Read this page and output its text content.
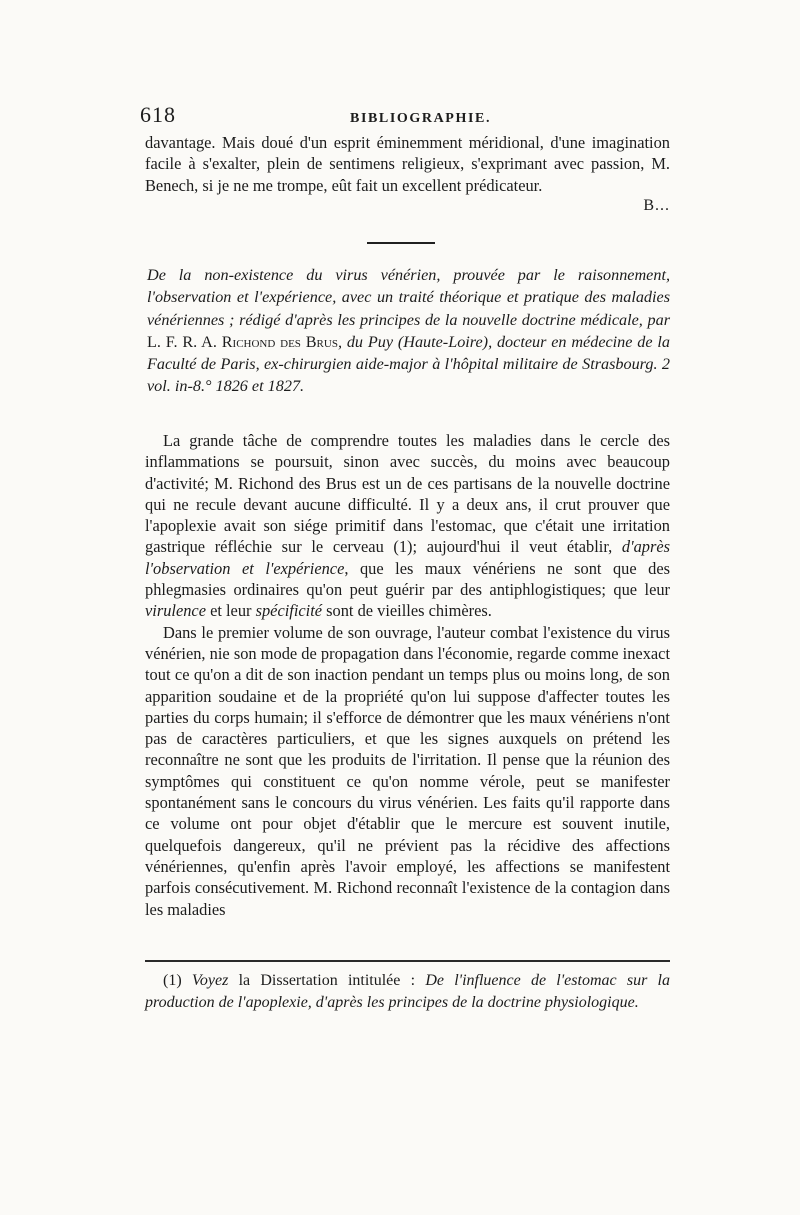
618	BIBLIOGRAPHIE.
davantage. Mais doué d'un esprit éminemment méridional, d'une imagination facile à s'exalter, plein de sentimens religieux, s'exprimant avec passion, M. Benech, si je ne me trompe, eût fait un excellent prédicateur.
B...
De la non-existence du virus vénérien, prouvée par le raisonnement, l'observation et l'expérience, avec un traité théorique et pratique des maladies vénériennes ; rédigé d'après les principes de la nouvelle doctrine médicale, par L. F. R. A. Richond des Brus, du Puy (Haute-Loire), docteur en médecine de la Faculté de Paris, ex-chirurgien aide-major à l'hôpital militaire de Strasbourg. 2 vol. in-8.° 1826 et 1827.

La grande tâche de comprendre toutes les maladies dans le cercle des inflammations se poursuit, sinon avec succès, du moins avec beaucoup d'activité; M. Richond des Brus est un de ces partisans de la nouvelle doctrine qui ne recule devant aucune difficulté. Il y a deux ans, il crut prouver que l'apoplexie avait son siége primitif dans l'estomac, que c'était une irritation gastrique réfléchie sur le cerveau (1); aujourd'hui il veut établir, d'après l'observation et l'expérience, que les maux vénériens ne sont que des phlegmasies ordinaires qu'on peut guérir par des antiphlogistiques; que leur virulence et leur spécificité sont de vieilles chimères.

Dans le premier volume de son ouvrage, l'auteur combat l'existence du virus vénérien, nie son mode de propagation dans l'économie, regarde comme inexact tout ce qu'on a dit de son inaction pendant un temps plus ou moins long, de son apparition soudaine et de la propriété qu'on lui suppose d'affecter toutes les parties du corps humain; il s'efforce de démontrer que les maux vénériens n'ont pas de caractères particuliers, et que les signes auxquels on prétend les reconnaître ne sont que les produits de l'irritation. Il pense que la réunion des symptômes qui constituent ce qu'on nomme vérole, peut se manifester spontanément sans le concours du virus vénérien. Les faits qu'il rapporte dans ce volume ont pour objet d'établir que le mercure est souvent inutile, quelquefois dangereux, qu'il ne prévient pas la récidive des affections vénériennes, qu'enfin après l'avoir employé, les affections se manifestent parfois consécutivement. M. Richond reconnaît l'existence de la contagion dans les maladies

(1) Voyez la Dissertation intitulée : De l'influence de l'estomac sur la production de l'apoplexie, d'après les principes de la doctrine physiologique.
